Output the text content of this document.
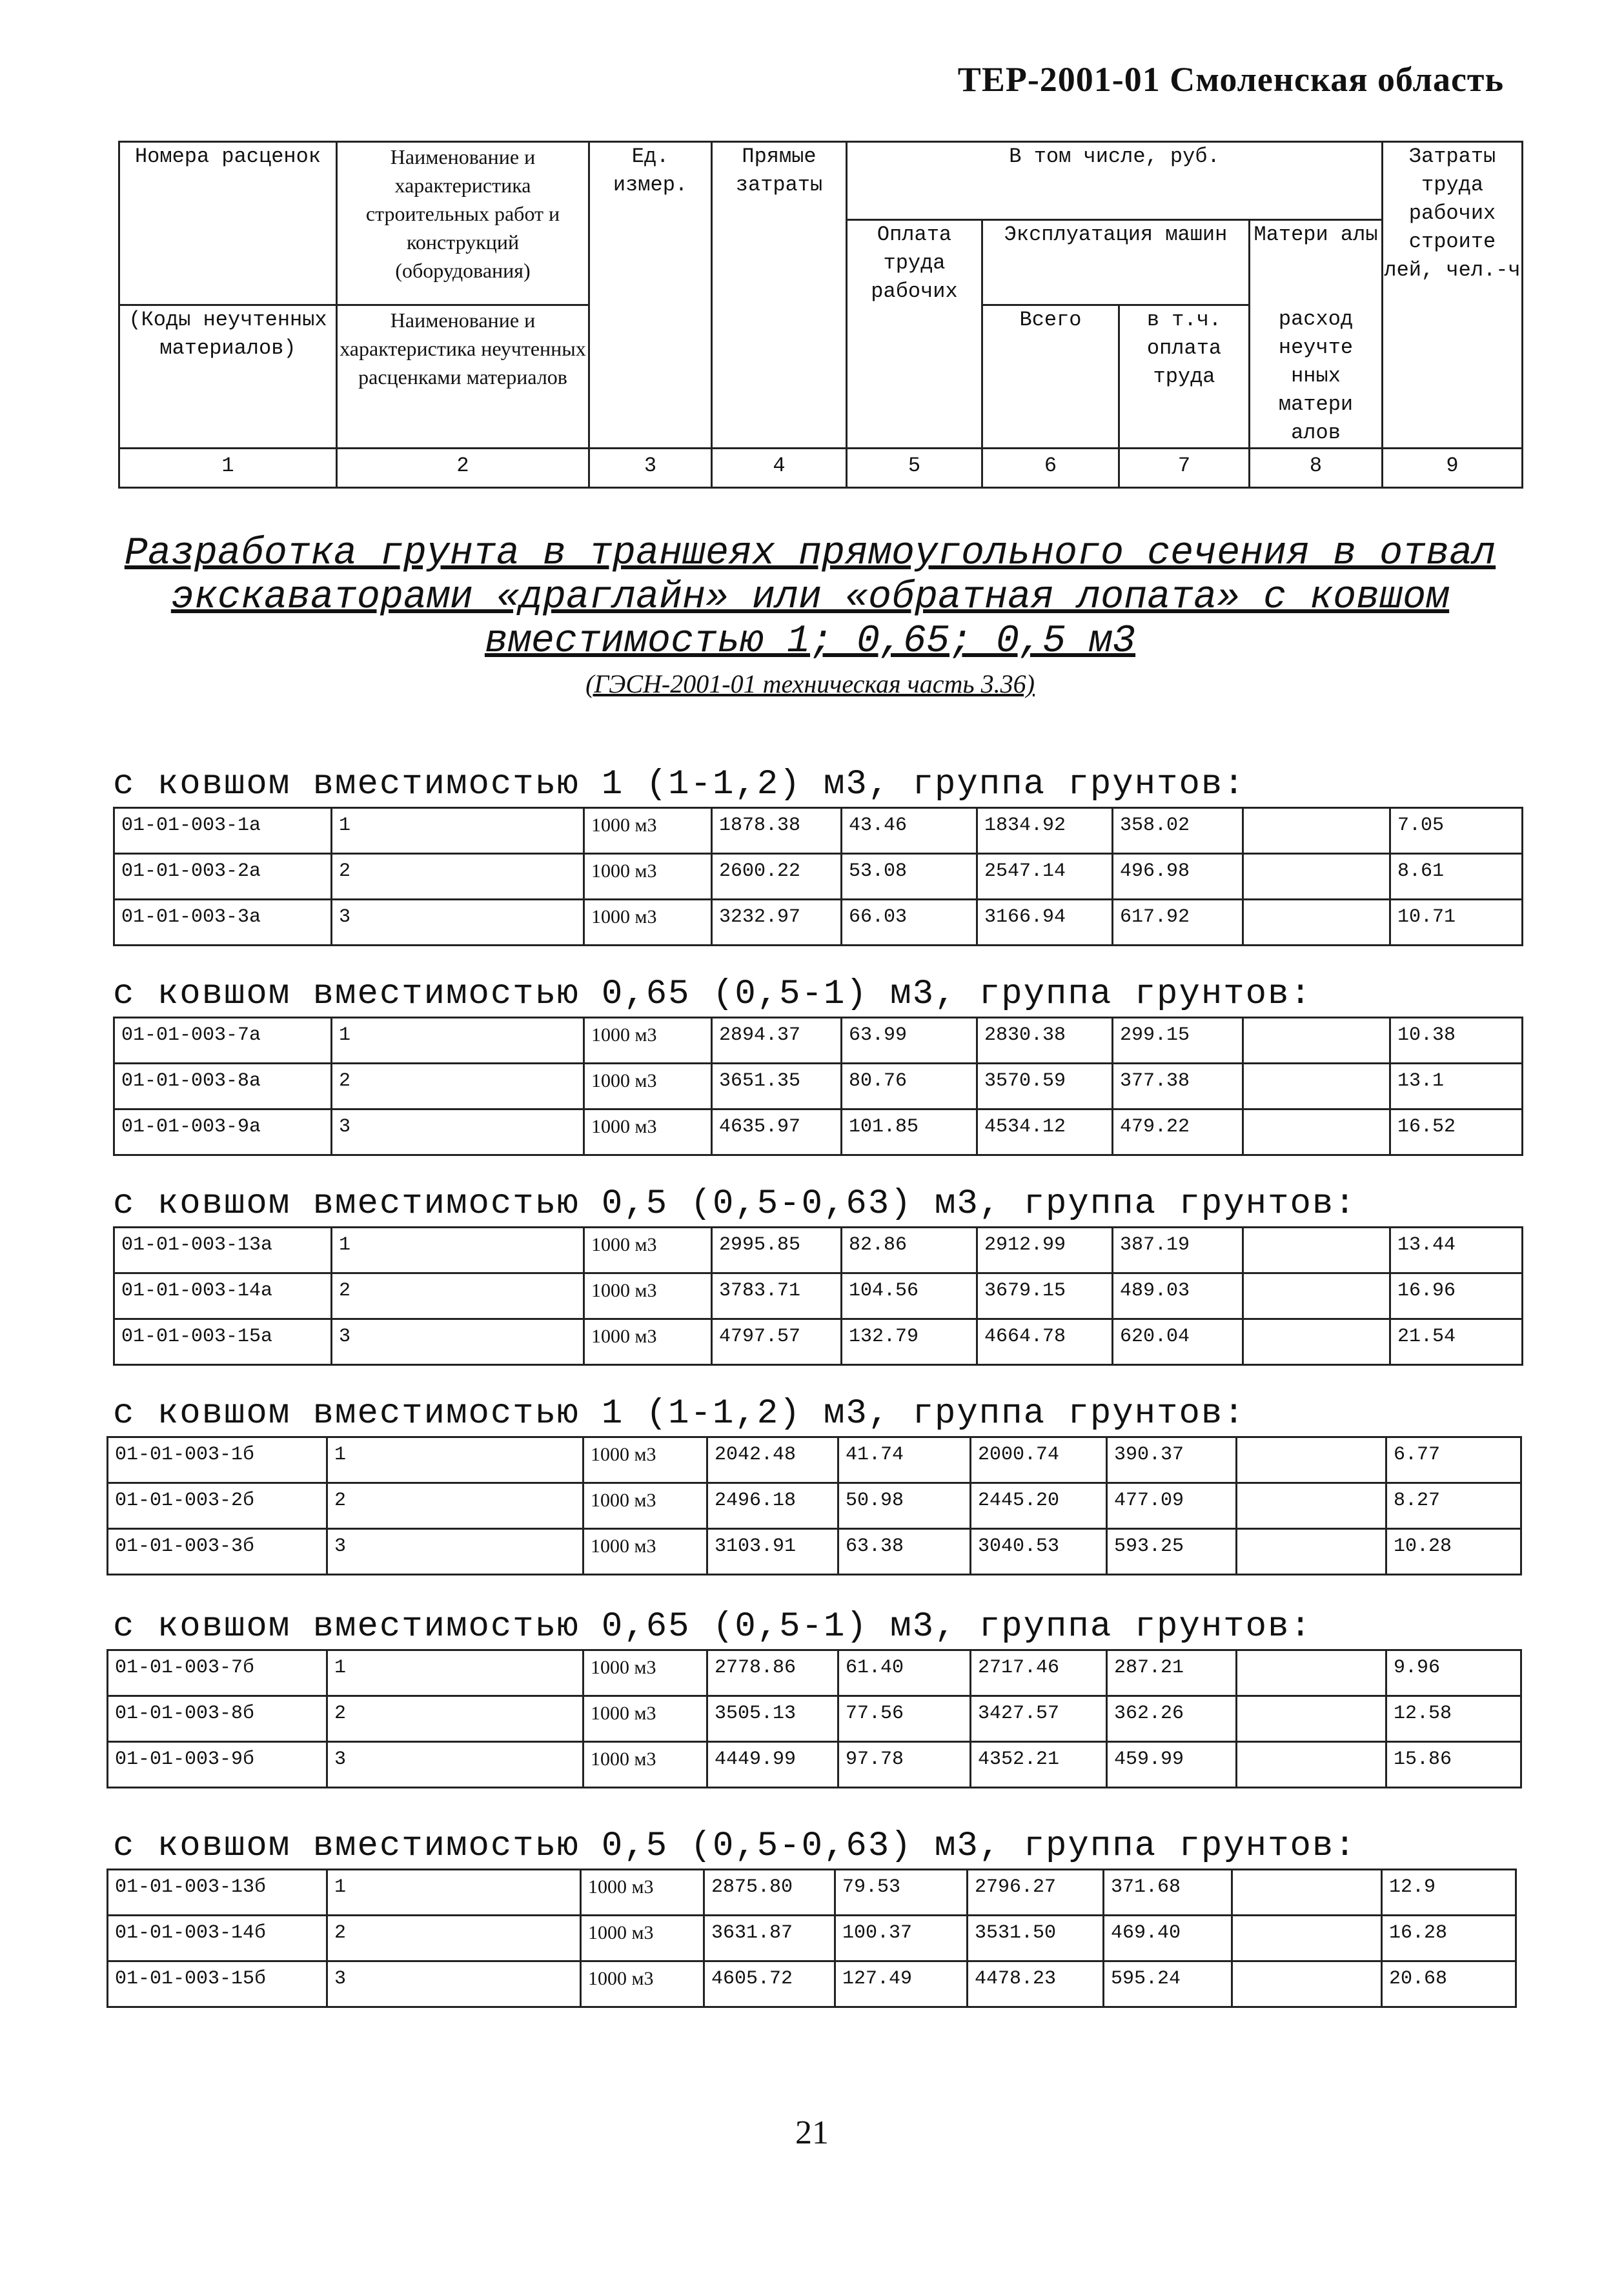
ТЕР-2001-01 Смоленская область
Номера расценок	Наименование и характеристика строительных работ и конструкций (оборудования)	Ед. измер.	Прямые затраты	В том числе, руб.				Затраты труда рабочих строите лей, чел.-ч
				Оплата труда рабочих	Эксплуатация машин		Матери алы	
(Коды неучтенных материалов)	Наименование и характеристика неучтенных расценками материалов				Всего	в т.ч. оплата труда	расход неучте нных матери алов	
1	2	3	4	5	6	7	8	9
Разработка грунта в траншеях прямоугольного сечения в отвал
экскаваторами «драглайн» или «обратная лопата» с ковшом
вместимостью 1; 0,65; 0,5 м3
(ГЭСН-2001-01 техническая часть 3.36)
с ковшом вместимостью 1 (1-1,2) м3, группа грунтов:
01-01-003-1а	1	1000 м3	1878.38	43.46	1834.92	358.02		7.05
01-01-003-2а	2	1000 м3	2600.22	53.08	2547.14	496.98		8.61
01-01-003-3а	3	1000 м3	3232.97	66.03	3166.94	617.92		10.71
с ковшом вместимостью 0,65 (0,5-1) м3, группа грунтов:
01-01-003-7а	1	1000 м3	2894.37	63.99	2830.38	299.15		10.38
01-01-003-8а	2	1000 м3	3651.35	80.76	3570.59	377.38		13.1
01-01-003-9а	3	1000 м3	4635.97	101.85	4534.12	479.22		16.52
с ковшом вместимостью 0,5 (0,5-0,63) м3, группа грунтов:
01-01-003-13а	1	1000 м3	2995.85	82.86	2912.99	387.19		13.44
01-01-003-14а	2	1000 м3	3783.71	104.56	3679.15	489.03		16.96
01-01-003-15а	3	1000 м3	4797.57	132.79	4664.78	620.04		21.54
с ковшом вместимостью 1 (1-1,2) м3, группа грунтов:
01-01-003-1б	1	1000 м3	2042.48	41.74	2000.74	390.37		6.77
01-01-003-2б	2	1000 м3	2496.18	50.98	2445.20	477.09		8.27
01-01-003-3б	3	1000 м3	3103.91	63.38	3040.53	593.25		10.28
с ковшом вместимостью 0,65 (0,5-1) м3, группа грунтов:
01-01-003-7б	1	1000 м3	2778.86	61.40	2717.46	287.21		9.96
01-01-003-8б	2	1000 м3	3505.13	77.56	3427.57	362.26		12.58
01-01-003-9б	3	1000 м3	4449.99	97.78	4352.21	459.99		15.86
с ковшом вместимостью 0,5 (0,5-0,63) м3, группа грунтов:
01-01-003-13б	1	1000 м3	2875.80	79.53	2796.27	371.68		12.9
01-01-003-14б	2	1000 м3	3631.87	100.37	3531.50	469.40		16.28
01-01-003-15б	3	1000 м3	4605.72	127.49	4478.23	595.24		20.68
21
